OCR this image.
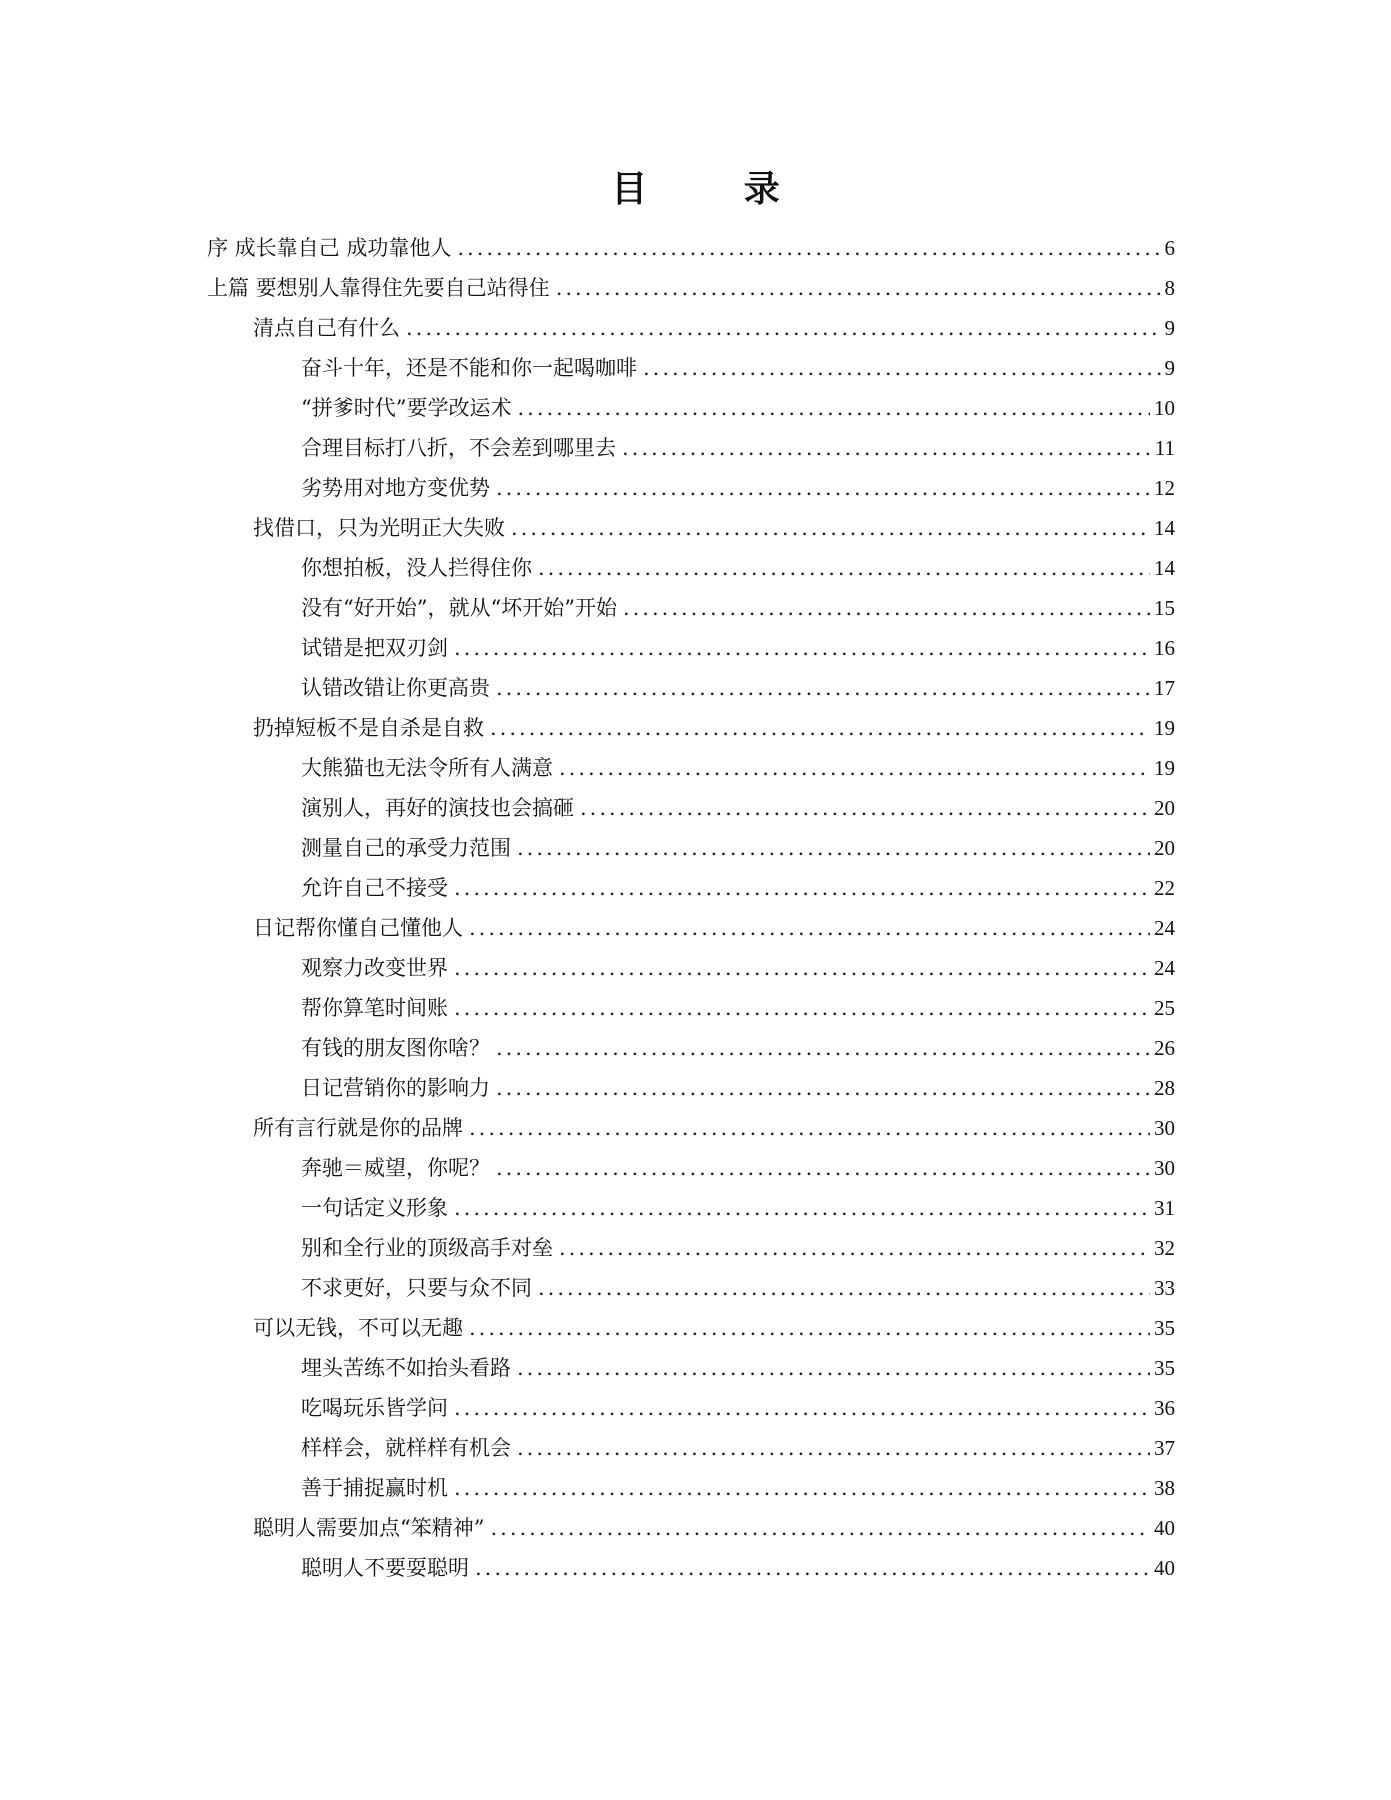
目 录
序 成长靠自己 成功靠他人 .....	6
上篇 要想别人靠得住先要自己站得住 .....	8
清点自己有什么 .....	9
奋斗十年，还是不能和你一起喝咖啡 .....	9
“拼爹时代”要学改运术 .....	10
合理目标打八折，不会差到哪里去 .....	11
劣势用对地方变优势 .....	12
找借口，只为光明正大失败 .....	14
你想拍板，没人拦得住你 .....	14
没有“好开始”，就从“坏开始”开始 .....	15
试错是把双刃剑 .....	16
认错改错让你更高贵 .....	17
扔掉短板不是自杀是自救 .....	19
大熊猫也无法令所有人满意 .....	19
演别人，再好的演技也会搞砸 .....	20
测量自己的承受力范围 .....	20
允许自己不接受 .....	22
日记帮你懂自己懂他人 .....	24
观察力改变世界 .....	24
帮你算笔时间账 .....	25
有钱的朋友图你啥？ .....	26
日记营销你的影响力 .....	28
所有言行就是你的品牌 .....	30
奔驰＝威望，你呢？ .....	30
一句话定义形象 .....	31
别和全行业的顶级高手对垒 .....	32
不求更好，只要与众不同 .....	33
可以无钱，不可以无趣 .....	35
埋头苦练不如抬头看路 .....	35
吃喝玩乐皆学问 .....	36
样样会，就样样有机会 .....	37
善于捕捉赢时机 .....	38
聪明人需要加点“笨精神” .....	40
聪明人不要耍聪明 .....	40
